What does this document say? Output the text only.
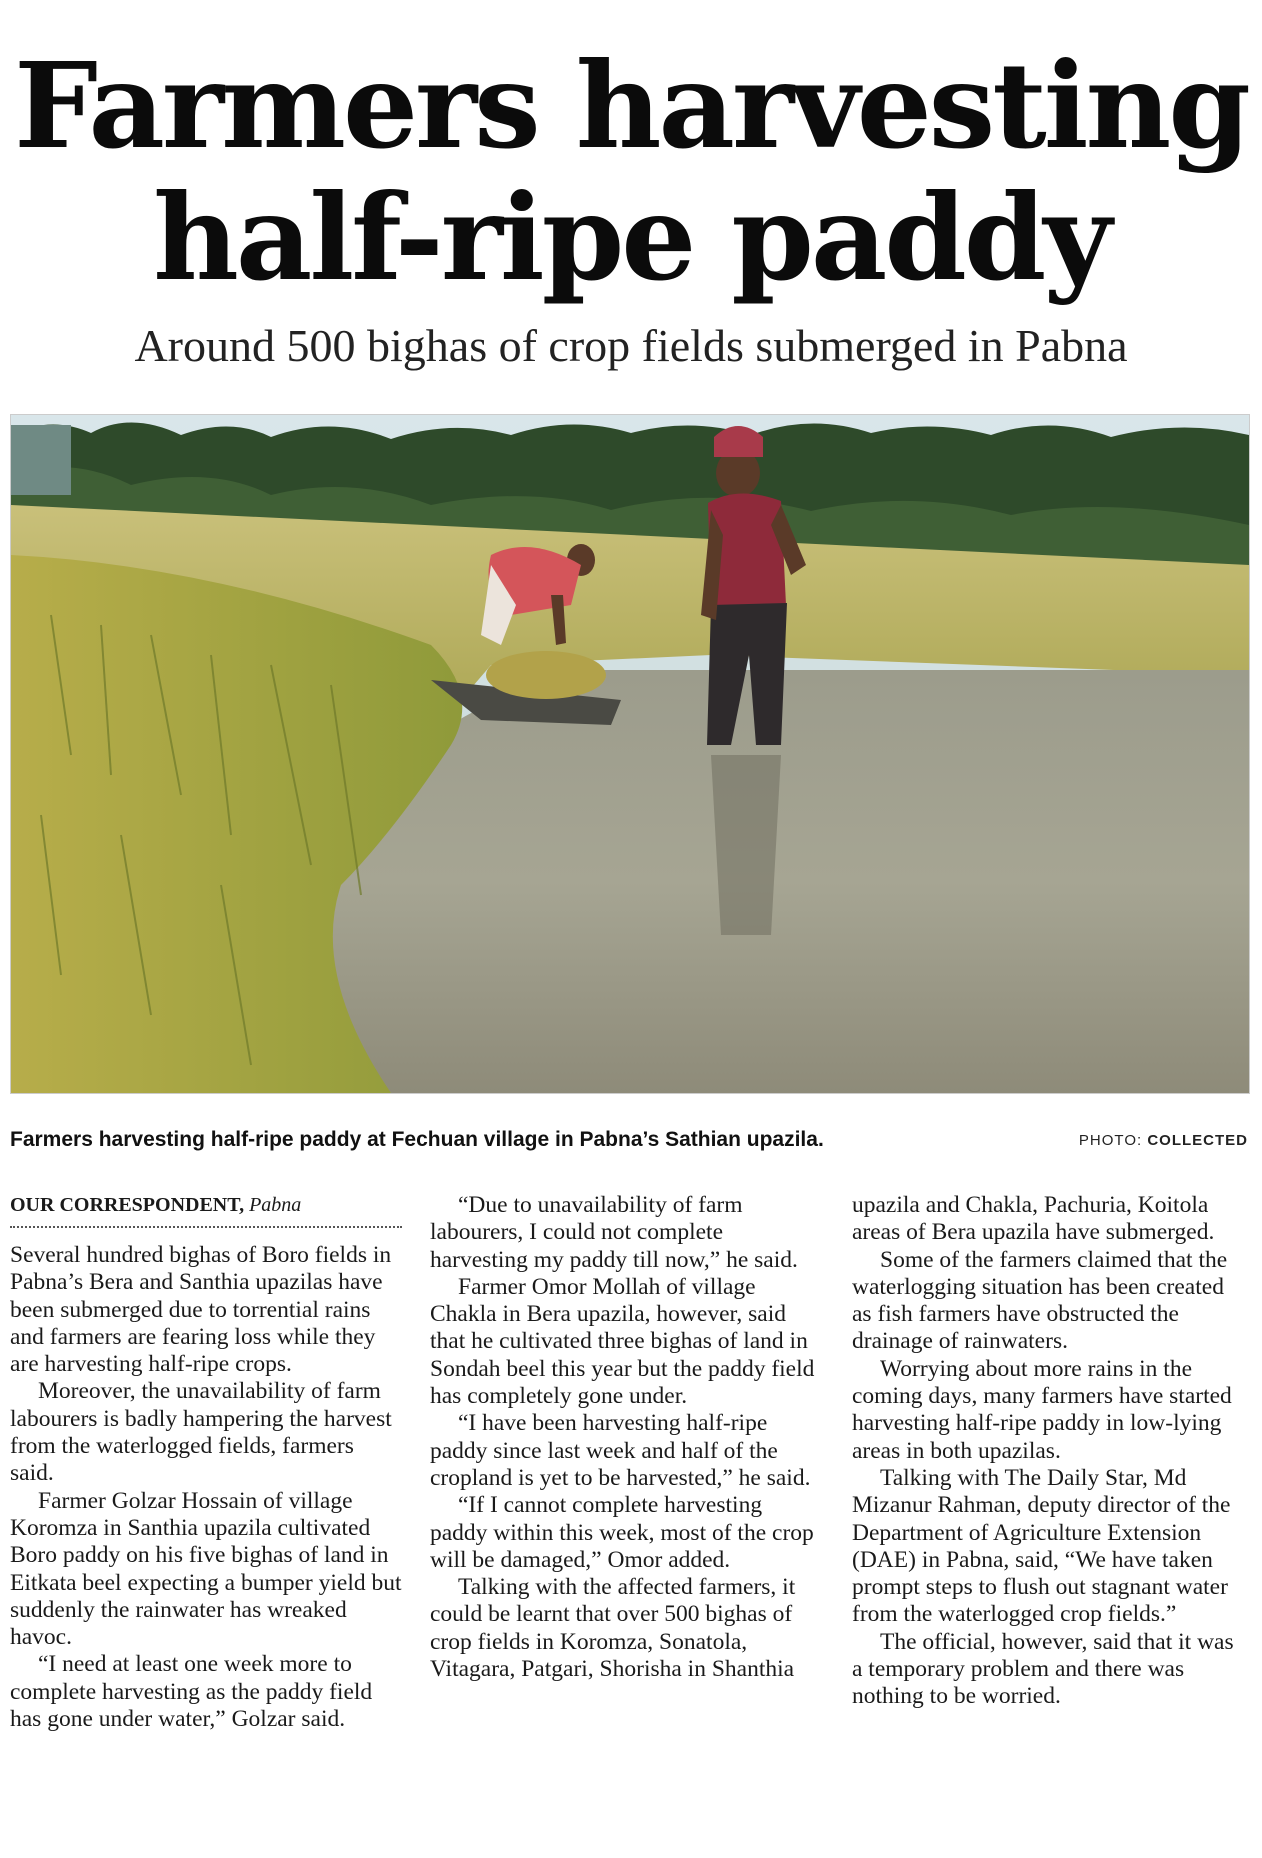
Farmers harvesting
half-ripe paddy
Around 500 bighas of crop fields submerged in Pabna
Farmers harvesting half-ripe paddy at Fechuan village in Pabna’s Sathian upazila.	PHOTO: COLLECTED
OUR CORRESPONDENT, Pabna

Several hundred bighas of Boro fields in Pabna’s Bera and Santhia upazilas have been submerged due to torrential rains and farmers are fearing loss while they are harvesting half-ripe crops.

Moreover, the unavailability of farm labourers is badly hampering the harvest from the waterlogged fields, farmers said.

Farmer Golzar Hossain of village Koromza in Santhia upazila cultivated Boro paddy on his five bighas of land in Eitkata beel expecting a bumper yield but suddenly the rainwater has wreaked havoc.

“I need at least one week more to complete harvesting as the paddy field has gone under water,” Golzar said.

“Due to unavailability of farm labourers, I could not complete harvesting my paddy till now,” he said.

Farmer Omor Mollah of village Chakla in Bera upazila, however, said that he cultivated three bighas of land in Sondah beel this year but the paddy field has completely gone under.

“I have been harvesting half-ripe paddy since last week and half of the cropland is yet to be harvested,” he said.

“If I cannot complete harvesting paddy within this week, most of the crop will be damaged,” Omor added.

Talking with the affected farmers, it could be learnt that over 500 bighas of crop fields in Koromza, Sonatola, Vitagara, Patgari, Shorisha in Shanthia

upazila and Chakla, Pachuria, Koitola areas of Bera upazila have submerged.

Some of the farmers claimed that the waterlogging situation has been created as fish farmers have obstructed the drainage of rainwaters.

Worrying about more rains in the coming days, many farmers have started harvesting half-ripe paddy in low-lying areas in both upazilas.

Talking with The Daily Star, Md Mizanur Rahman, deputy director of the Department of Agriculture Extension (DAE) in Pabna, said, “We have taken prompt steps to flush out stagnant water from the waterlogged crop fields.”

The official, however, said that it was a temporary problem and there was nothing to be worried.
